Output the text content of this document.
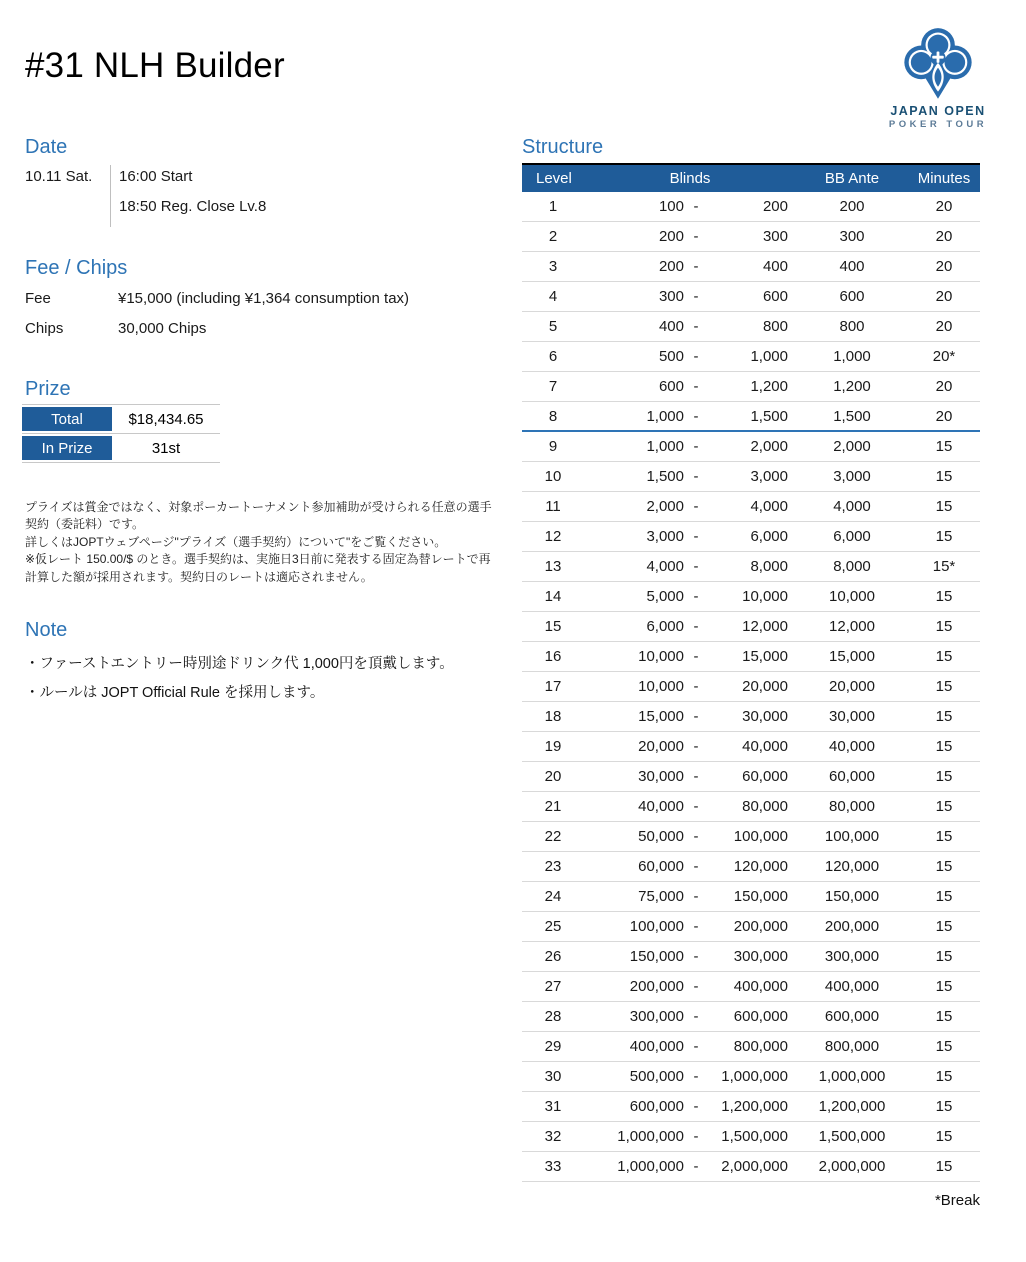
#31 NLH Builder
JAPAN OPEN
POKER TOUR
Date
10.11 Sat. 16:00 Start
18:50 Reg. Close Lv.8
Fee / Chips
Fee	¥15,000 (including ¥1,364 consumption tax)
Chips	30,000 Chips
Prize
Total	$18,434.65
In Prize	31st

プライズは賞金ではなく、対象ポーカートーナメント参加補助が受けられる任意の選手契約（委託料）です。

詳しくはJOPTウェブページ"プライズ（選手契約）について"をご覧ください。

※仮レート 150.00/$ のとき。選手契約は、実施日3日前に発表する固定為替レートで再計算した額が採用されます。契約日のレートは適応されません。

Note
・ファーストエントリー時別途ドリンク代 1,000円を頂戴します。
・ルールは JOPT Official Rule を採用します。
Structure
Level	Blinds	BB Ante	Minutes
1	100 -	200	200	20
2	200 -	300	300	20
3	200 -	400	400	20
4	300 -	600	600	20
5	400 -	800	800	20
6	500 -	1,000	1,000	20*
7	600 -	1,200	1,200	20
8	1,000 -	1,500	1,500	20
9	1,000 -	2,000	2,000	15
10	1,500 -	3,000	3,000	15
11	2,000 -	4,000	4,000	15
12	3,000 -	6,000	6,000	15
13	4,000 -	8,000	8,000	15*
14	5,000 -	10,000	10,000	15
15	6,000 -	12,000	12,000	15
16	10,000 -	15,000	15,000	15
17	10,000 -	20,000	20,000	15
18	15,000 -	30,000	30,000	15
19	20,000 -	40,000	40,000	15
20	30,000 -	60,000	60,000	15
21	40,000 -	80,000	80,000	15
22	50,000 -	100,000	100,000	15
23	60,000 -	120,000	120,000	15
24	75,000 -	150,000	150,000	15
25	100,000 -	200,000	200,000	15
26	150,000 -	300,000	300,000	15
27	200,000 -	400,000	400,000	15
28	300,000 -	600,000	600,000	15
29	400,000 -	800,000	800,000	15
30	500,000 -	1,000,000	1,000,000	15
31	600,000 -	1,200,000	1,200,000	15
32	1,000,000 -	1,500,000	1,500,000	15
33	1,000,000 -	2,000,000	2,000,000	15
*Break
